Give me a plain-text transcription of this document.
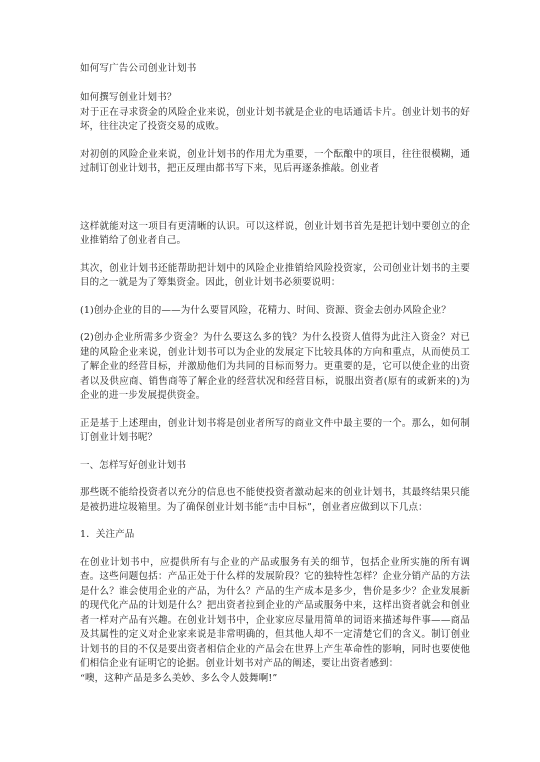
如何写广告公司创业计划书

如何撰写创业计划书？

对于正在寻求资金的风险企业来说，创业计划书就是企业的电话通话卡片。创业计划书的好坏，往往决定了投资交易的成败。

对初创的风险企业来说，创业计划书的作用尤为重要，一个酝酿中的项目，往往很模糊，通过制订创业计划书，把正反理由都书写下来，见后再逐条推敲。创业者

这样就能对这一项目有更清晰的认识。可以这样说，创业计划书首先是把计划中要创立的企业推销给了创业者自己。

其次，创业计划书还能帮助把计划中的风险企业推销给风险投资家，公司创业计划书的主要目的之一就是为了筹集资金。因此，创业计划书必须要说明：

(1)创办企业的目的——为什么要冒风险，花精力、时间、资源、资金去创办风险企业？

(2)创办企业所需多少资金？为什么要这么多的钱？为什么投资人值得为此注入资金？对已建的风险企业来说，创业计划书可以为企业的发展定下比较具体的方向和重点，从而使员工了解企业的经营目标，并激励他们为共同的目标而努力。更重要的是，它可以使企业的出资者以及供应商、销售商等了解企业的经营状况和经营目标，说服出资者(原有的或新来的)为企业的进一步发展提供资金。

正是基于上述理由，创业计划书将是创业者所写的商业文件中最主要的一个。那么，如何制订创业计划书呢？

一、怎样写好创业计划书

那些既不能给投资者以充分的信息也不能使投资者激动起来的创业计划书，其最终结果只能是被扔进垃圾箱里。为了确保创业计划书能“击中目标”，创业者应做到以下几点：

1．关注产品

在创业计划书中，应提供所有与企业的产品或服务有关的细节，包括企业所实施的所有调查。这些问题包括：产品正处于什么样的发展阶段？它的独特性怎样？企业分销产品的方法是什么？谁会使用企业的产品，为什么？产品的生产成本是多少，售价是多少？企业发展新的现代化产品的计划是什么？把出资者拉到企业的产品或服务中来，这样出资者就会和创业者一样对产品有兴趣。在创业计划书中，企业家应尽量用简单的词语来描述每件事——商品及其属性的定义对企业家来说是非常明确的，但其他人却不一定清楚它们的含义。制订创业计划书的目的不仅是要出资者相信企业的产品会在世界上产生革命性的影响，同时也要使他们相信企业有证明它的论据。创业计划书对产品的阐述，要让出资者感到：

“噢，这种产品是多么美妙、多么令人鼓舞啊!”
